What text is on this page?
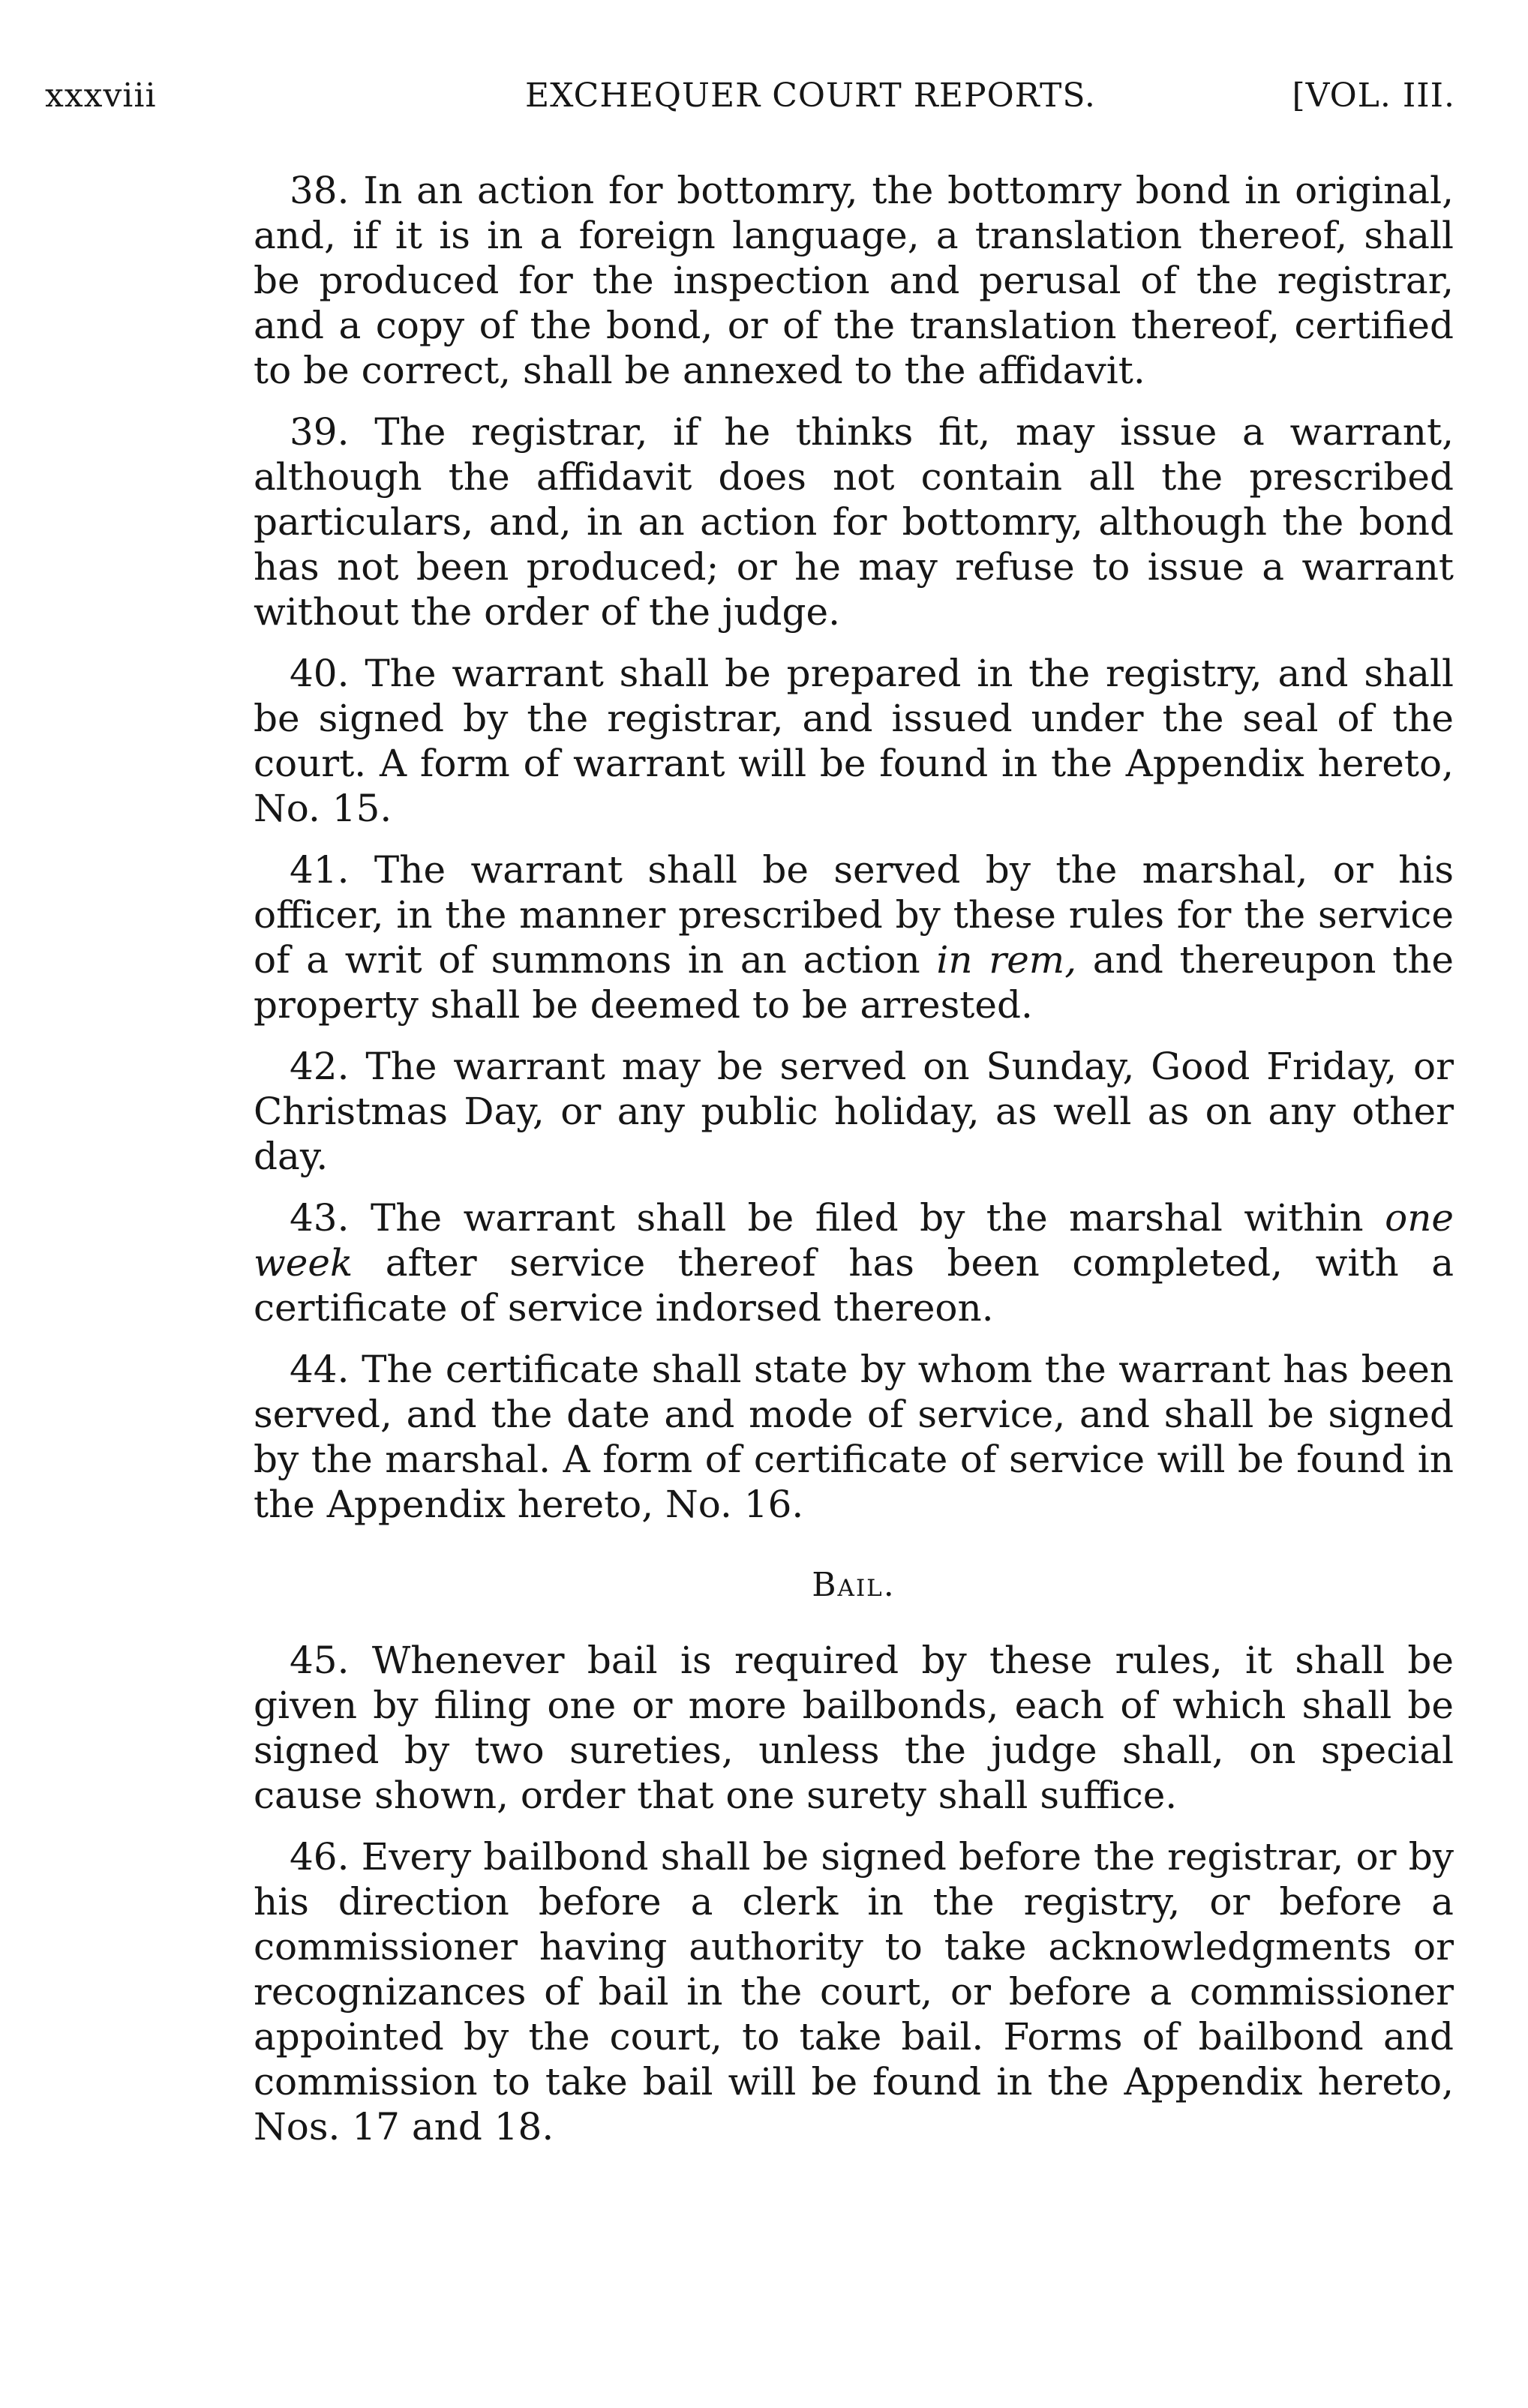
xxxviii	EXCHEQUER COURT REPORTS.	[VOL. III.

38. In an action for bottomry, the bottomry bond in original, and, if it is in a foreign language, a translation thereof, shall be produced for the inspection and perusal of the registrar, and a copy of the bond, or of the translation thereof, certified to be correct, shall be annexed to the affidavit.

39. The registrar, if he thinks fit, may issue a warrant, although the affidavit does not contain all the prescribed particulars, and, in an action for bottomry, although the bond has not been produced; or he may refuse to issue a warrant without the order of the judge.

40. The warrant shall be prepared in the registry, and shall be signed by the registrar, and issued under the seal of the court. A form of warrant will be found in the Appendix hereto, No. 15.

41. The warrant shall be served by the marshal, or his officer, in the manner prescribed by these rules for the service of a writ of summons in an action in rem, and thereupon the property shall be deemed to be arrested.

42. The warrant may be served on Sunday, Good Friday, or Christmas Day, or any public holiday, as well as on any other day.

43. The warrant shall be filed by the marshal within one week after service thereof has been completed, with a certificate of service indorsed thereon.

44. The certificate shall state by whom the warrant has been served, and the date and mode of service, and shall be signed by the marshal. A form of certificate of service will be found in the Appendix hereto, No. 16.

Bail.

45. Whenever bail is required by these rules, it shall be given by filing one or more bailbonds, each of which shall be signed by two sureties, unless the judge shall, on special cause shown, order that one surety shall suffice.

46. Every bailbond shall be signed before the registrar, or by his direction before a clerk in the registry, or before a commissioner having authority to take acknowledgments or recognizances of bail in the court, or before a commissioner appointed by the court, to take bail. Forms of bailbond and commission to take bail will be found in the Appendix hereto, Nos. 17 and 18.
